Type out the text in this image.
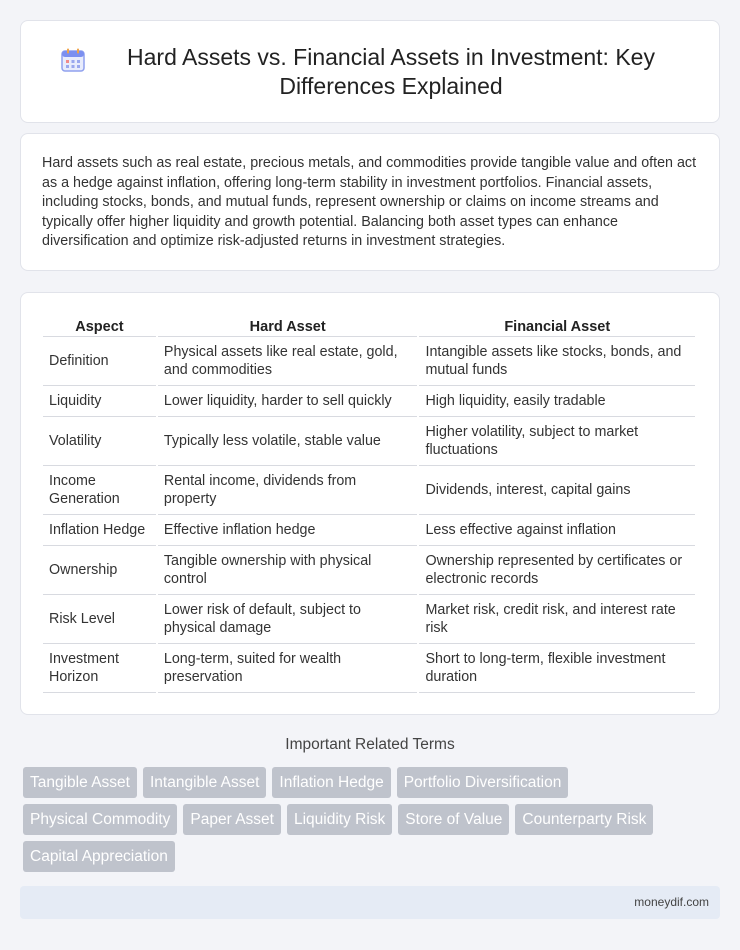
Hard Assets vs. Financial Assets in Investment: Key Differences Explained

Hard assets such as real estate, precious metals, and commodities provide tangible value and often act as a hedge against inflation, offering long-term stability in investment portfolios. Financial assets, including stocks, bonds, and mutual funds, represent ownership or claims on income streams and typically offer higher liquidity and growth potential. Balancing both asset types can enhance diversification and optimize risk-adjusted returns in investment strategies.

Aspect	Hard Asset	Financial Asset
Definition	Physical assets like real estate, gold, and commodities	Intangible assets like stocks, bonds, and mutual funds
Liquidity	Lower liquidity, harder to sell quickly	High liquidity, easily tradable
Volatility	Typically less volatile, stable value	Higher volatility, subject to market fluctuations
Income Generation	Rental income, dividends from property	Dividends, interest, capital gains
Inflation Hedge	Effective inflation hedge	Less effective against inflation
Ownership	Tangible ownership with physical control	Ownership represented by certificates or electronic records
Risk Level	Lower risk of default, subject to physical damage	Market risk, credit risk, and interest rate risk
Investment Horizon	Long-term, suited for wealth preservation	Short to long-term, flexible investment duration
Important Related Terms
Tangible Asset	Intangible Asset	Inflation Hedge	Portfolio Diversification
Physical Commodity	Paper Asset	Liquidity Risk	Store of Value	Counterparty Risk
Capital Appreciation
moneydif.com
